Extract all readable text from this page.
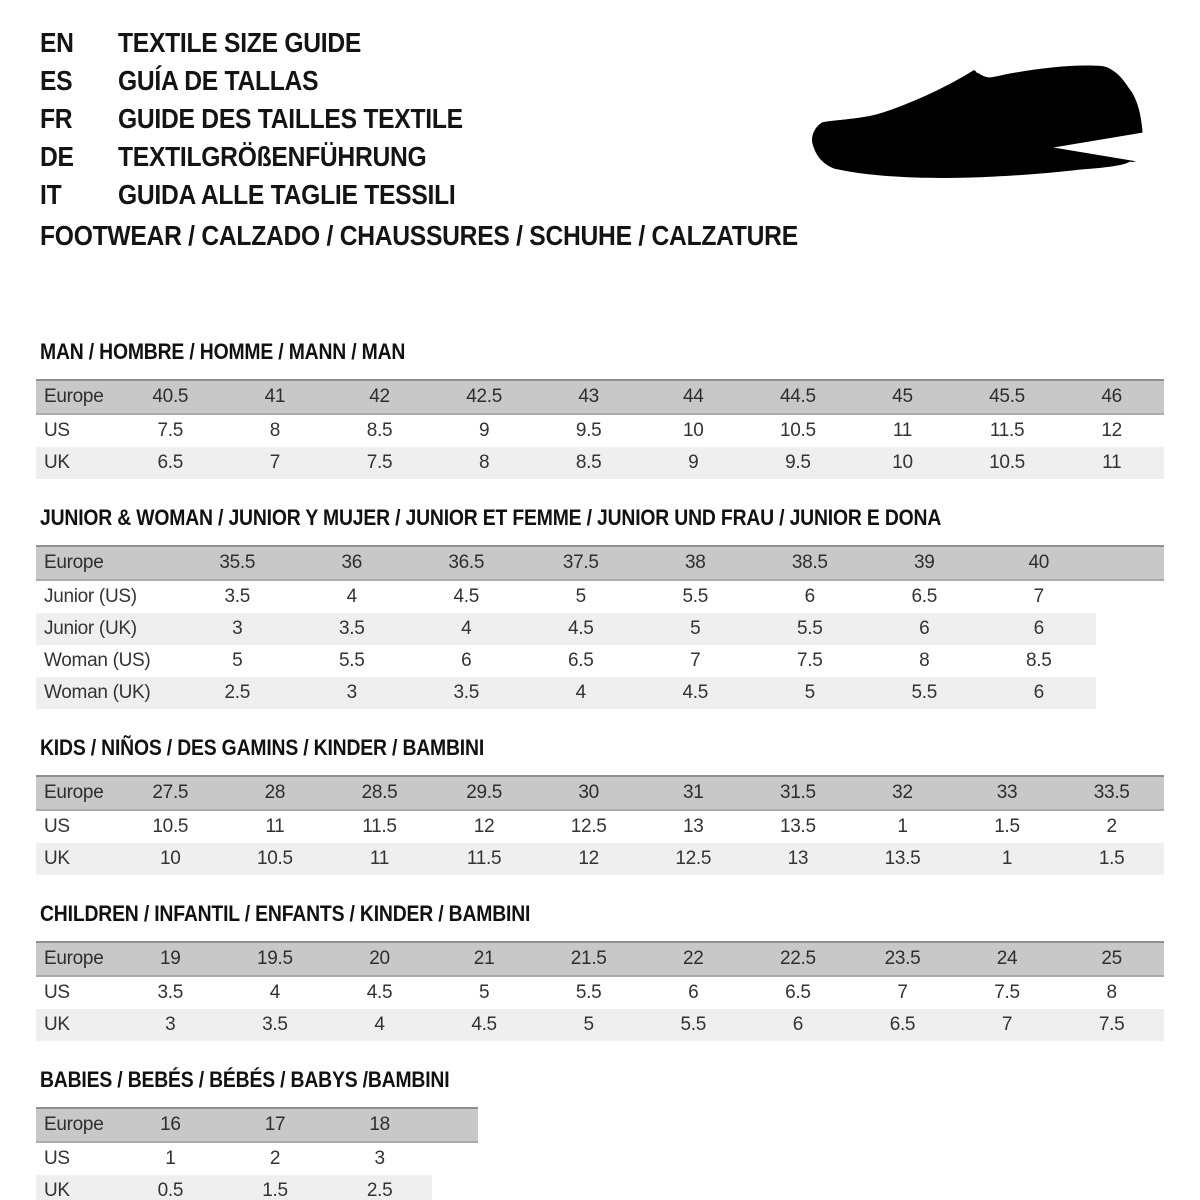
EN	TEXTILE SIZE GUIDE
ES	GUÍA DE TALLAS
FR	GUIDE DES TAILLES TEXTILE
DE	TEXTILGRÖßENFÜHRUNG
IT	GUIDA ALLE TAGLIE TESSILI
FOOTWEAR / CALZADO / CHAUSSURES / SCHUHE / CALZATURE
MAN / HOMBRE / HOMME / MANN / MAN
Europe	40.5	41	42	42.5	43	44	44.5	45	45.5	46
US	7.5	8	8.5	9	9.5	10	10.5	11	11.5	12
UK	6.5	7	7.5	8	8.5	9	9.5	10	10.5	11
JUNIOR & WOMAN / JUNIOR Y MUJER / JUNIOR ET FEMME / JUNIOR UND FRAU / JUNIOR E DONA
Europe	35.5	36	36.5	37.5	38	38.5	39	40	
Junior (US)	3.5	4	4.5	5	5.5	6	6.5	7	
Junior (UK)	3	3.5	4	4.5	5	5.5	6	6	
Woman (US)	5	5.5	6	6.5	7	7.5	8	8.5	
Woman (UK)	2.5	3	3.5	4	4.5	5	5.5	6	
KIDS / NIÑOS / DES GAMINS / KINDER / BAMBINI
Europe	27.5	28	28.5	29.5	30	31	31.5	32	33	33.5
US	10.5	11	11.5	12	12.5	13	13.5	1	1.5	2
UK	10	10.5	11	11.5	12	12.5	13	13.5	1	1.5
CHILDREN / INFANTIL / ENFANTS / KINDER / BAMBINI
Europe	19	19.5	20	21	21.5	22	22.5	23.5	24	25
US	3.5	4	4.5	5	5.5	6	6.5	7	7.5	8
UK	3	3.5	4	4.5	5	5.5	6	6.5	7	7.5
BABIES / BEBÉS / BÉBÉS / BABYS /BAMBINI
Europe	16	17	18	
US	1	2	3	
UK	0.5	1.5	2.5	
